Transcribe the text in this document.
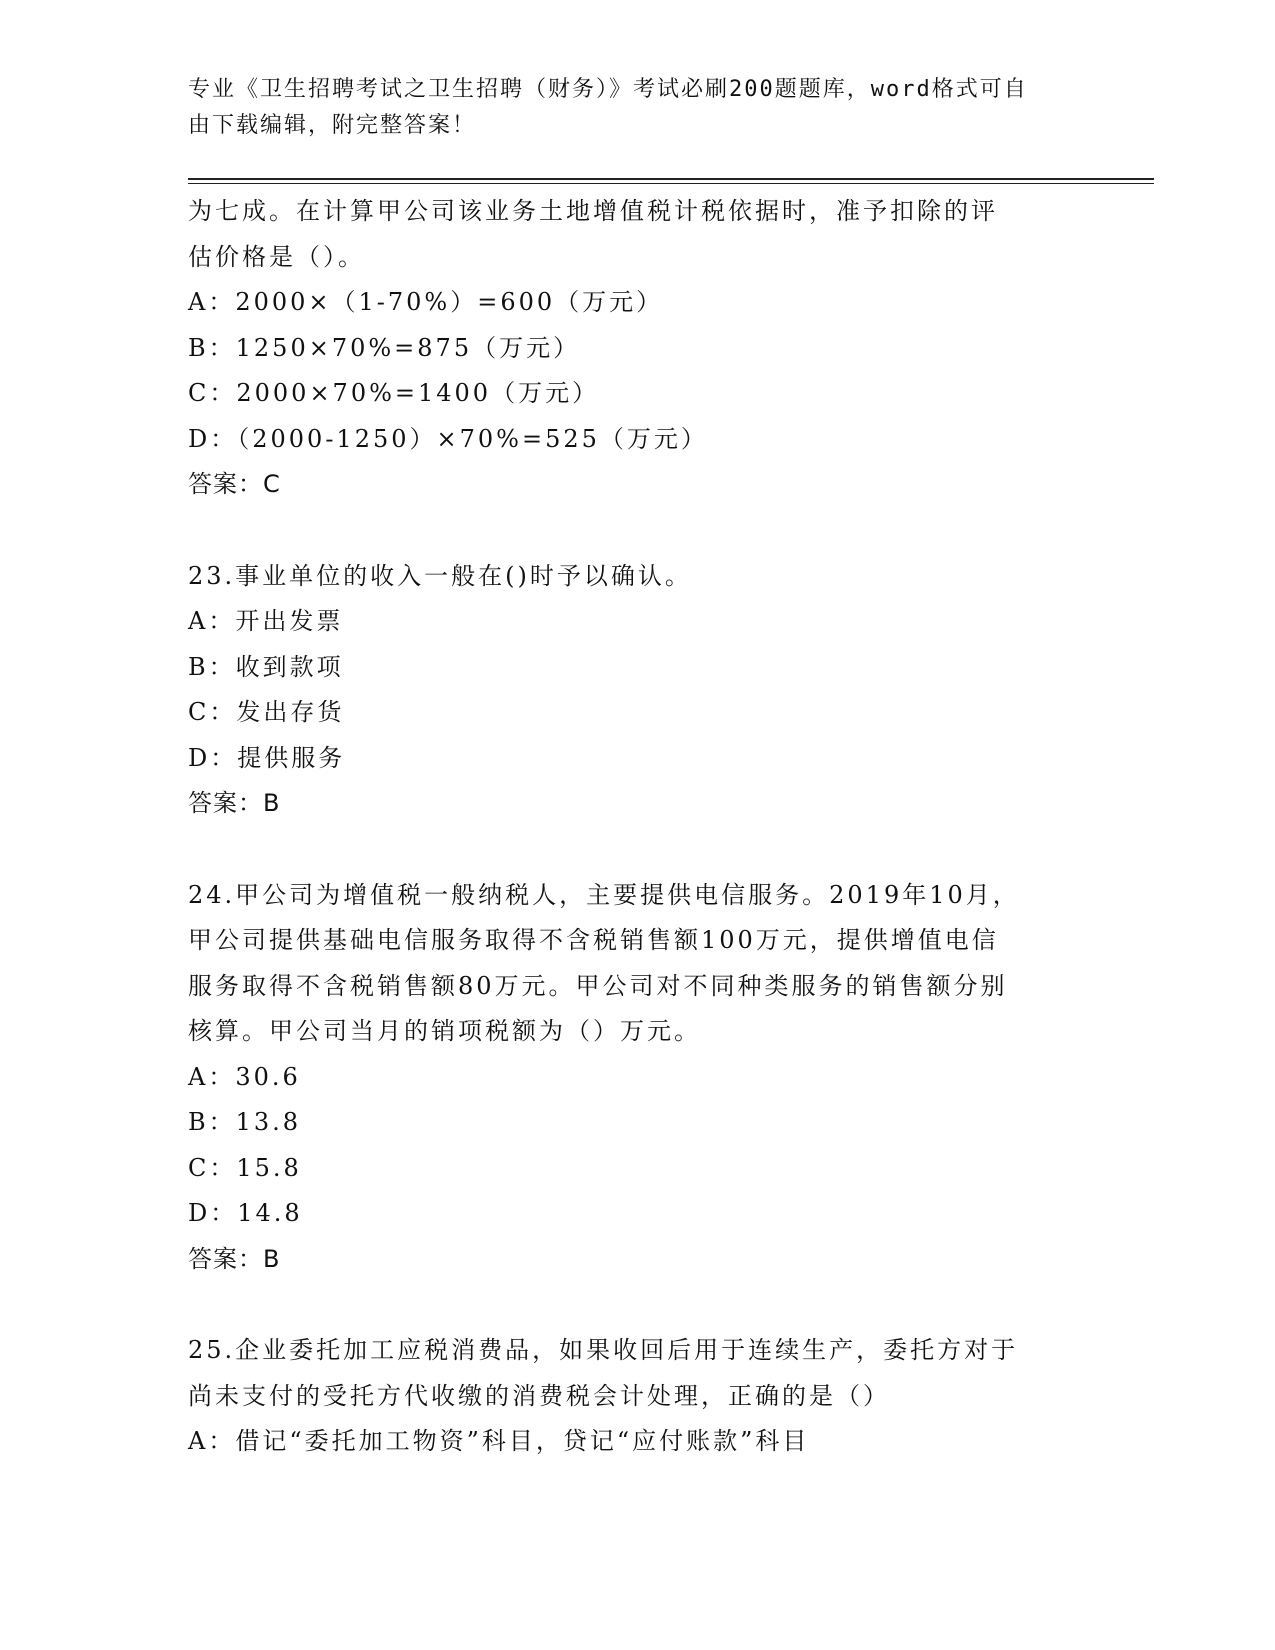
专业《卫生招聘考试之卫生招聘（财务）》考试必刷200题题库，word格式可自
由下载编辑，附完整答案！
为七成。在计算甲公司该业务土地增值税计税依据时，准予扣除的评
估价格是（）。
A：2000×（1-70%）=600（万元）
B：1250×70%=875（万元）
C：2000×70%=1400（万元）
D：（2000-1250）×70%=525（万元）
答案：C
23.事业单位的收入一般在()时予以确认。
A：开出发票
B：收到款项
C：发出存货
D：提供服务
答案：B
24.甲公司为增值税一般纳税人，主要提供电信服务。2019年10月，
甲公司提供基础电信服务取得不含税销售额100万元，提供增值电信
服务取得不含税销售额80万元。甲公司对不同种类服务的销售额分别
核算。甲公司当月的销项税额为（）万元。
A：30.6
B：13.8
C：15.8
D：14.8
答案：B
25.企业委托加工应税消费品，如果收回后用于连续生产，委托方对于
尚未支付的受托方代收缴的消费税会计处理，正确的是（）
A：借记“委托加工物资”科目，贷记“应付账款”科目
